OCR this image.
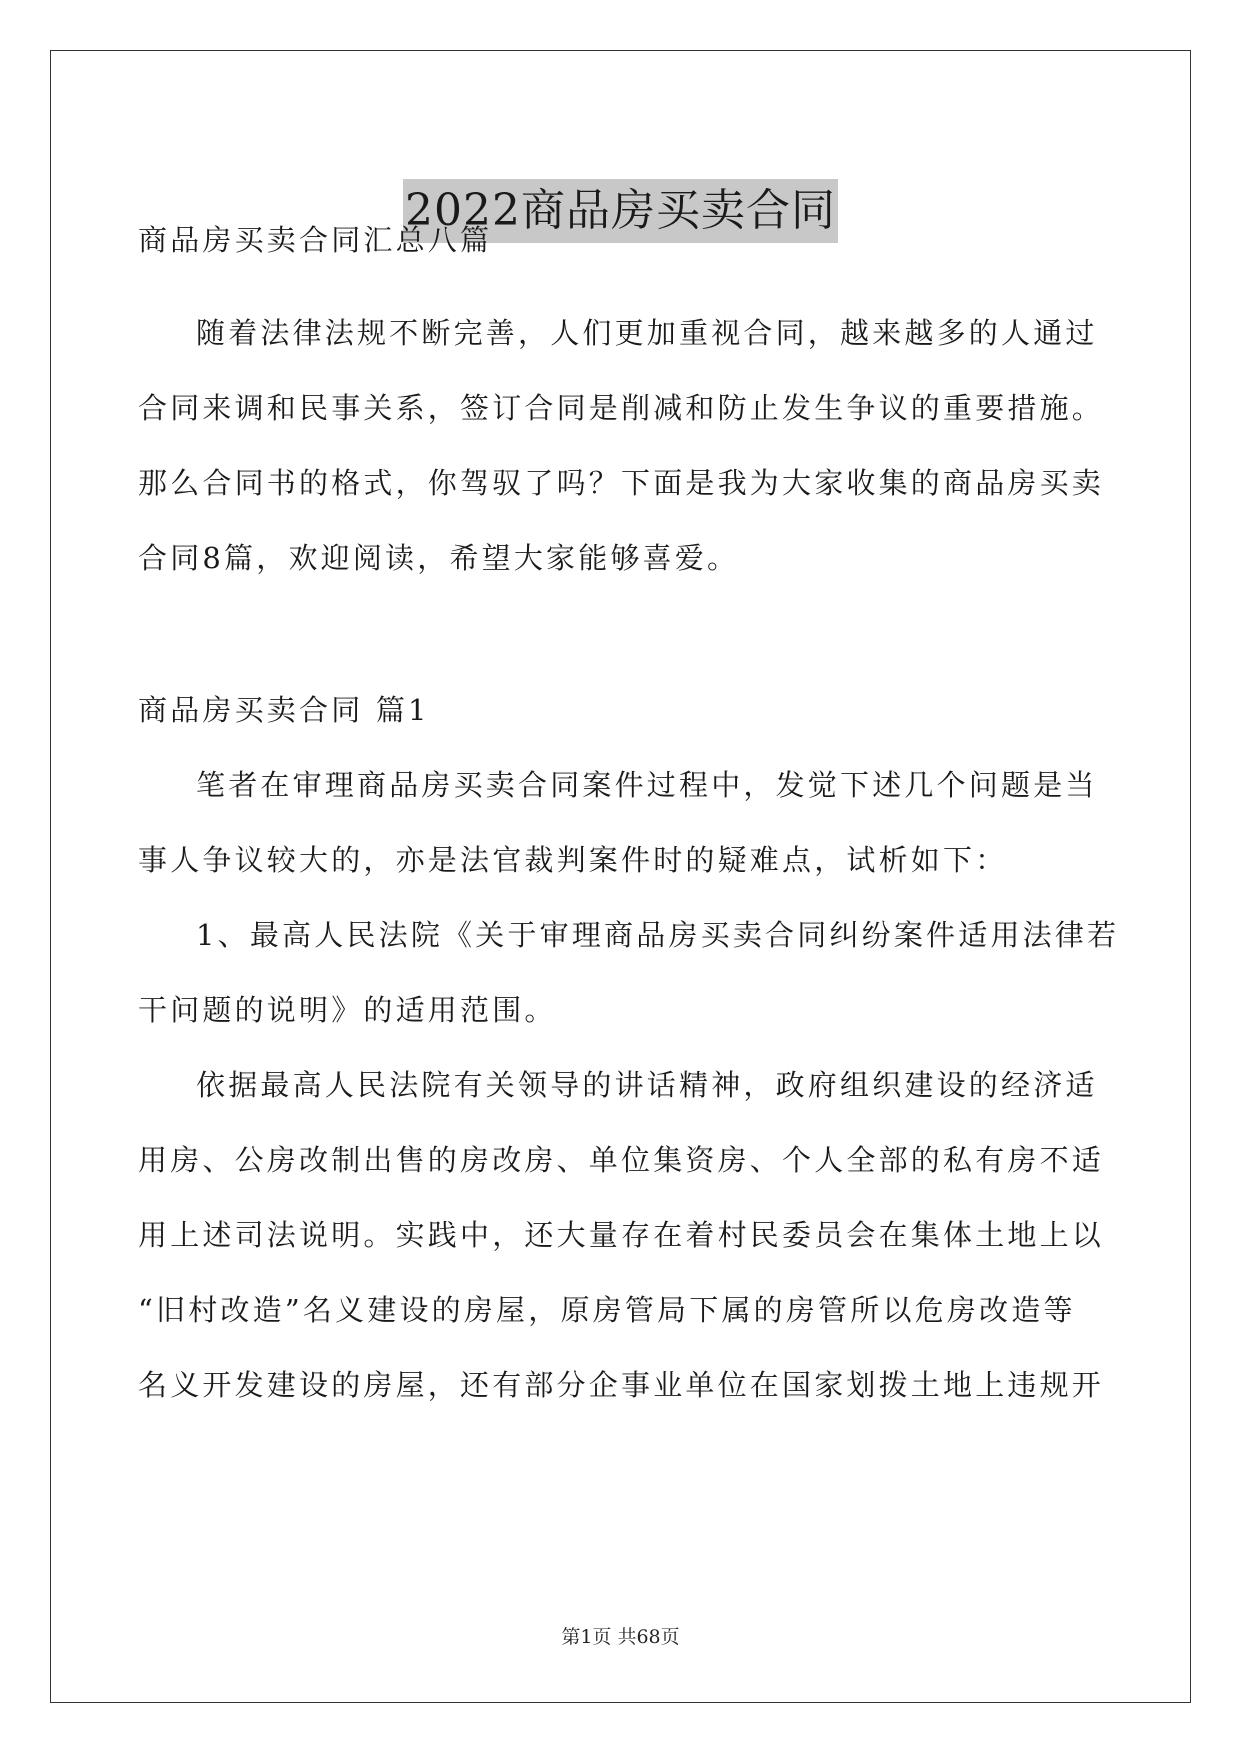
2022商品房买卖合同

商品房买卖合同汇总八篇

随着法律法规不断完善，人们更加重视合同，越来越多的人通过

合同来调和民事关系，签订合同是削减和防止发生争议的重要措施。

那么合同书的格式，你驾驭了吗？下面是我为大家收集的商品房买卖

合同8篇，欢迎阅读，希望大家能够喜爱。

商品房买卖合同 篇1

笔者在审理商品房买卖合同案件过程中，发觉下述几个问题是当

事人争议较大的，亦是法官裁判案件时的疑难点，试析如下：

1、最高人民法院《关于审理商品房买卖合同纠纷案件适用法律若

干问题的说明》的适用范围。

依据最高人民法院有关领导的讲话精神，政府组织建设的经济适

用房、公房改制出售的房改房、单位集资房、个人全部的私有房不适

用上述司法说明。实践中，还大量存在着村民委员会在集体土地上以

“旧村改造”名义建设的房屋，原房管局下属的房管所以危房改造等

名义开发建设的房屋，还有部分企事业单位在国家划拨土地上违规开

第1页 共68页
